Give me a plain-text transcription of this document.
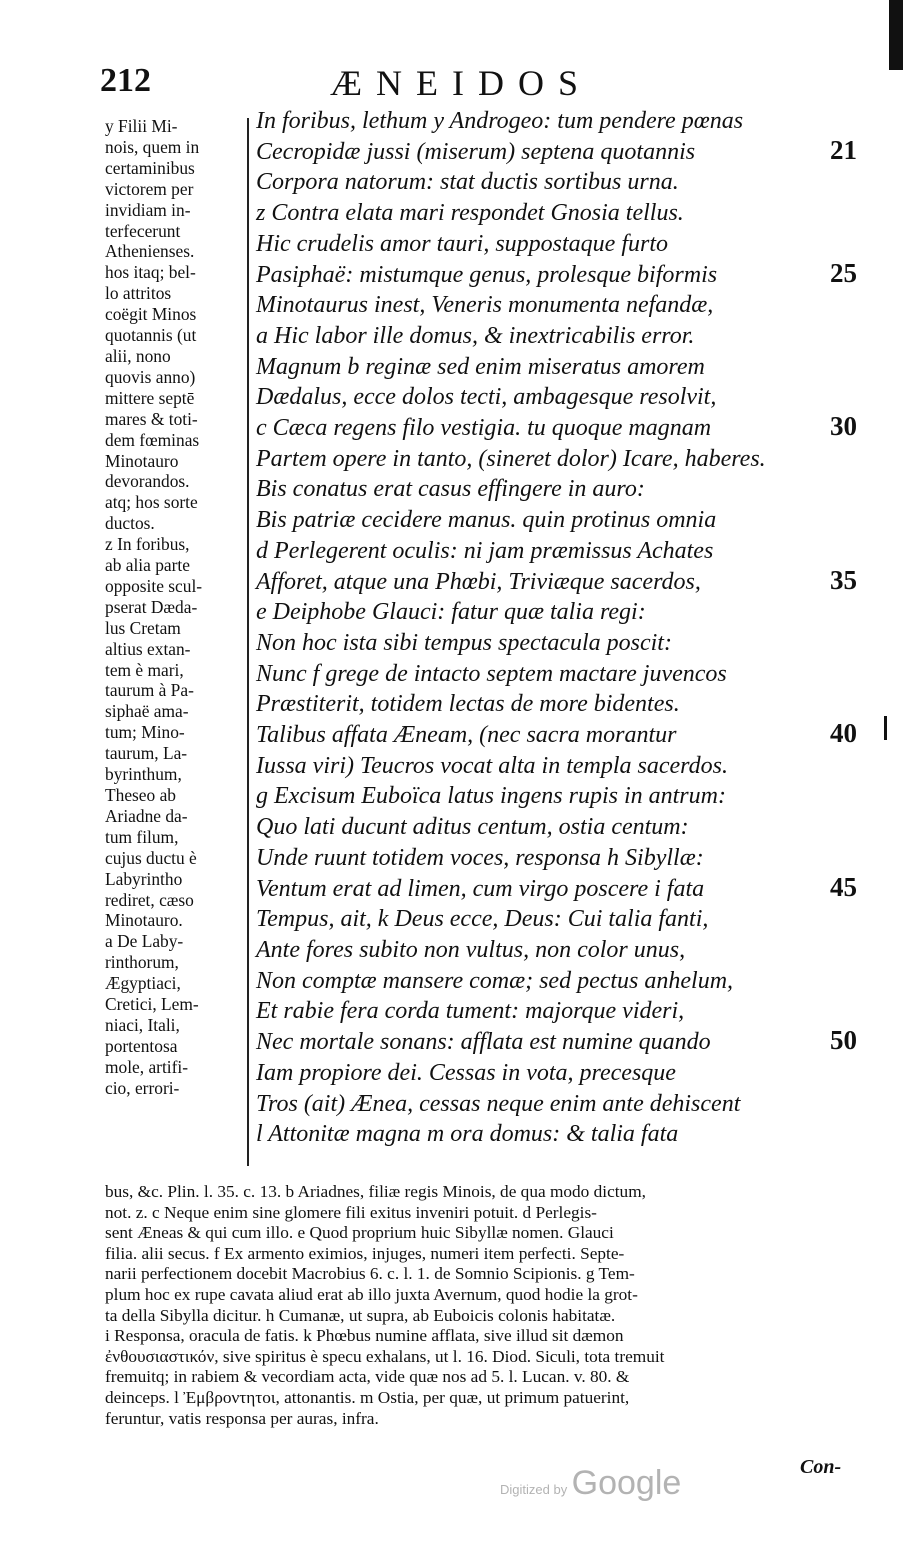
212	ÆNEIDOS
y Filii Mi-
nois, quem in
certaminibus
victorem per
invidiam in-
terfecerunt
Athenienses.
hos itaq; bel-
lo attritos
coëgit Minos
quotannis (ut
alii, nono
quovis anno)
mittere septē
mares & toti-
dem fœminas
Minotauro
devorandos.
atq; hos sorte
ductos.
z In foribus,
ab alia parte
opposite scul-
pserat Dæda-
lus Cretam
altius extan-
tem è mari,
taurum à Pa-
siphaë ama-
tum; Mino-
taurum, La-
byrinthum,
Theseo ab
Ariadne da-
tum filum,
cujus ductu è
Labyrintho
rediret, cæso
Minotauro.
a De Laby-
rinthorum,
Ægyptiaci,
Cretici, Lem-
niaci, Itali,
portentosa
mole, artifi-
cio, errori-
In foribus, lethum y Androgeo: tum pendere pœnas
Cecropidæ jussi (miserum) septena quotannis
Corpora natorum: stat ductis sortibus urna.
z Contra elata mari respondet Gnosia tellus.
Hic crudelis amor tauri, suppostaque furto
Pasiphaë: mistumque genus, prolesque biformis
Minotaurus inest, Veneris monumenta nefandæ,
a Hic labor ille domus, & inextricabilis error.
Magnum b reginæ sed enim miseratus amorem
Dædalus, ecce dolos tecti, ambagesque resolvit,
c Cæca regens filo vestigia. tu quoque magnam
Partem opere in tanto, (sineret dolor) Icare, haberes.
Bis conatus erat casus effingere in auro:
Bis patriæ cecidere manus. quin protinus omnia
d Perlegerent oculis: ni jam præmissus Achates
Afforet, atque una Phœbi, Triviæque sacerdos,
e Deiphobe Glauci: fatur quæ talia regi:
Non hoc ista sibi tempus spectacula poscit:
Nunc f grege de intacto septem mactare juvencos
Præstiterit, totidem lectas de more bidentes.
Talibus affata Æneam, (nec sacra morantur
Iussa viri) Teucros vocat alta in templa sacerdos.
g Excisum Euboïca latus ingens rupis in antrum:
Quo lati ducunt aditus centum, ostia centum:
Unde ruunt totidem voces, responsa h Sibyllæ:
Ventum erat ad limen, cum virgo poscere i fata
Tempus, ait, k Deus ecce, Deus: Cui talia fanti,
Ante fores subito non vultus, non color unus,
Non comptæ mansere comæ; sed pectus anhelum,
Et rabie fera corda tument: majorque videri,
Nec mortale sonans: afflata est numine quando
Iam propiore dei. Cessas in vota, precesque
Tros (ait) Ænea, cessas neque enim ante dehiscent
l Attonitæ magna m ora domus: & talia fata
21
25
30
35
40
45
50
bus, &c. Plin. l. 35. c. 13. b Ariadnes, filiæ regis Minois, de qua modo dictum,
not. z. c Neque enim sine glomere fili exitus inveniri potuit. d Perlegis-
sent Æneas & qui cum illo. e Quod proprium huic Sibyllæ nomen. Glauci
filia. alii secus. f Ex armento eximios, injuges, numeri item perfecti. Septe-
narii perfectionem docebit Macrobius 6. c. l. 1. de Somnio Scipionis. g Tem-
plum hoc ex rupe cavata aliud erat ab illo juxta Avernum, quod hodie la grot-
ta della Sibylla dicitur. h Cumanæ, ut supra, ab Euboicis colonis habitatæ.
i Responsa, oracula de fatis. k Phœbus numine afflata, sive illud sit dæmon
ἐνθουσιαστικόν, sive spiritus è specu exhalans, ut l. 16. Diod. Siculi, tota tremuit
fremuitq; in rabiem & vecordiam acta, vide quæ nos ad 5. l. Lucan. v. 80. &
deinceps. l Ἐμβροντητοι, attonantis. m Ostia, per quæ, ut primum patuerint,
feruntur, vatis responsa per auras, infra.
Digitized by Google	Con-
